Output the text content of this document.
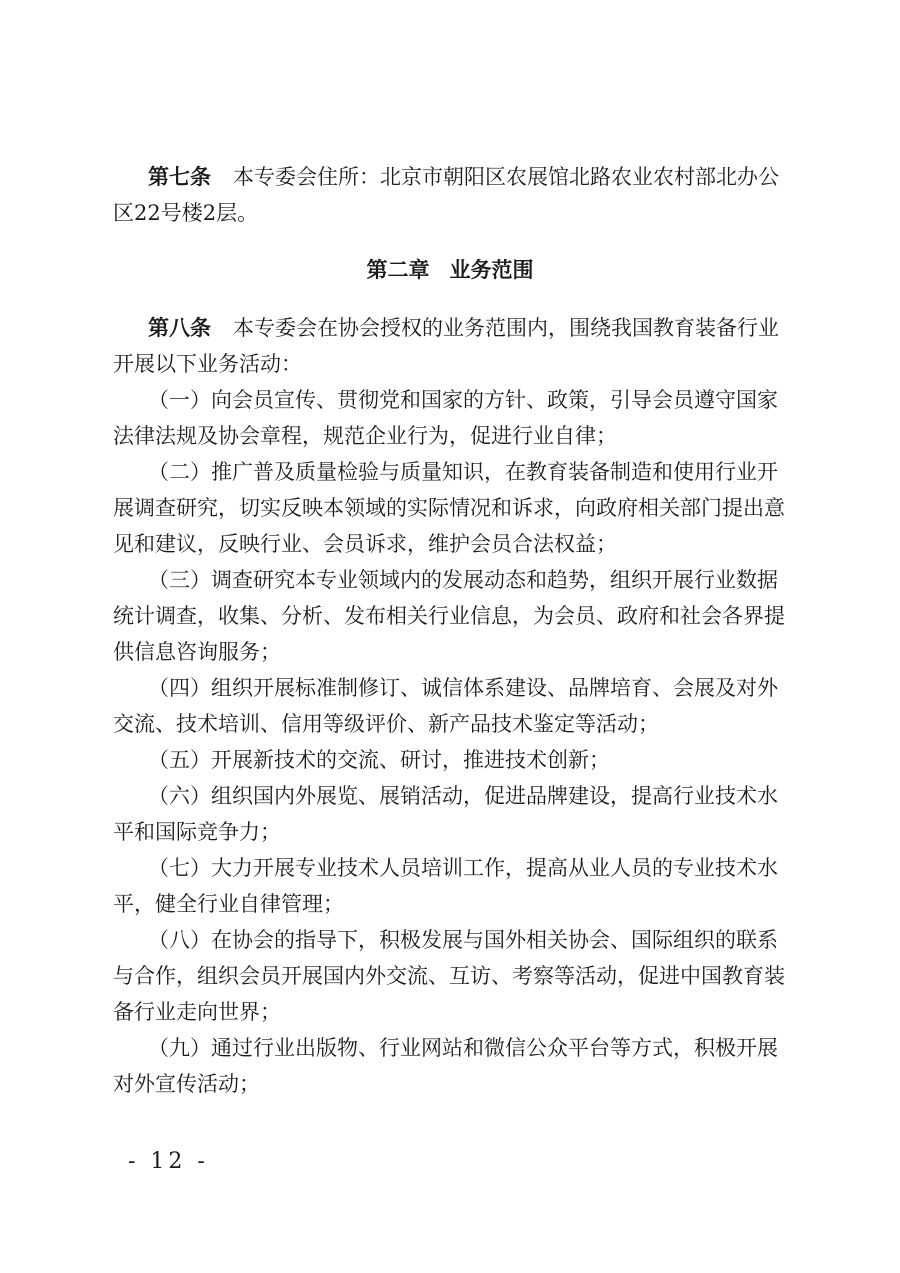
第七条 本专委会住所：北京市朝阳区农展馆北路农业农村部北办公
区22号楼2层。
第二章 业务范围
第八条 本专委会在协会授权的业务范围内，围绕我国教育装备行业
开展以下业务活动：
（一）向会员宣传、贯彻党和国家的方针、政策，引导会员遵守国家
法律法规及协会章程，规范企业行为，促进行业自律；
（二）推广普及质量检验与质量知识，在教育装备制造和使用行业开
展调查研究，切实反映本领域的实际情况和诉求，向政府相关部门提出意
见和建议，反映行业、会员诉求，维护会员合法权益；
（三）调查研究本专业领域内的发展动态和趋势，组织开展行业数据
统计调查，收集、分析、发布相关行业信息，为会员、政府和社会各界提
供信息咨询服务；
（四）组织开展标准制修订、诚信体系建设、品牌培育、会展及对外
交流、技术培训、信用等级评价、新产品技术鉴定等活动；
（五）开展新技术的交流、研讨，推进技术创新；
（六）组织国内外展览、展销活动，促进品牌建设，提高行业技术水
平和国际竞争力；
（七）大力开展专业技术人员培训工作，提高从业人员的专业技术水
平，健全行业自律管理；
（八）在协会的指导下，积极发展与国外相关协会、国际组织的联系
与合作，组织会员开展国内外交流、互访、考察等活动，促进中国教育装
备行业走向世界；
（九）通过行业出版物、行业网站和微信公众平台等方式，积极开展
对外宣传活动；
- 12 -
